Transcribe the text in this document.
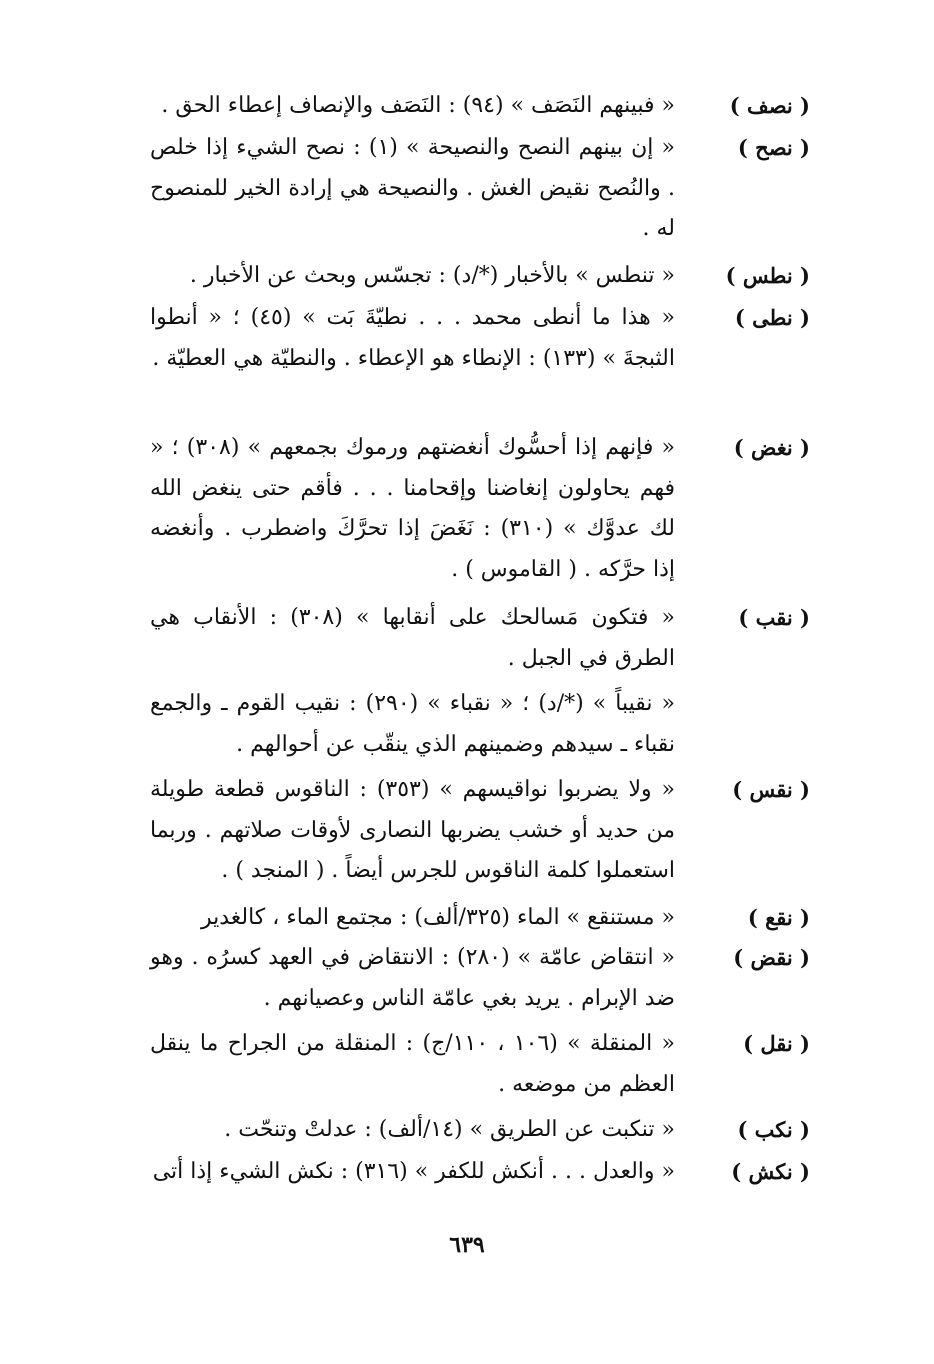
( نصف )
« فبينهم النَصَف » (٩٤) : النَصَف والإنصاف إعطاء الحق .
( نصح )
« إن بينهم النصح والنصيحة » (١) : نصح الشيء إذا خلص . والنُصح نقيض الغش . والنصيحة هي إرادة الخير للمنصوح له .
( نطس )
« تنطس » بالأخبار (*/د) : تجسّس وبحث عن الأخبار .
( نطى )
« هذا ما أنطى محمد . . . نطيّةَ بَت » (٤٥) ؛ « أنطوا الثبجةَ » (١٣٣) : الإنطاء هو الإعطاء . والنطيّة هي العطيّة .
( نغض )
« فإنهم إذا أحسُّوك أنغضتهم ورموك بجمعهم » (٣٠٨) ؛ « فهم يحاولون إنغاضنا وإقحامنا . . . فأقم حتى ينغض الله لك عدوَّك » (٣١٠) : نَغَضَ إذا تحرَّكَ واضطرب . وأنغضه إذا حرَّكه . ( القاموس ) .
( نقب )
« فتكون مَسالحك على أنقابها » (٣٠٨) : الأنقاب هي الطرق في الجبل .
« نقيباً » (*/د) ؛ « نقباء » (٢٩٠) : نقيب القوم ـ والجمع نقباء ـ سيدهم وضمينهم الذي ينقّب عن أحوالهم .
( نقس )
« ولا يضربوا نواقيسهم » (٣٥٣) : الناقوس قطعة طويلة من حديد أو خشب يضربها النصارى لأوقات صلاتهم . وربما استعملوا كلمة الناقوس للجرس أيضاً . ( المنجد ) .
( نقع )
« مستنقع » الماء (٣٢٥/ألف) : مجتمع الماء ، كالغدير
( نقض )
« انتقاض عامّة » (٢٨٠) : الانتقاض في العهد كسرُه . وهو ضد الإبرام . يريد بغي عامّة الناس وعصيانهم .
( نقل )
« المنقلة » (١٠٦ ، ١١٠/ج) : المنقلة من الجراح ما ينقل العظم من موضعه .
( نكب )
« تنكبت عن الطريق » (١٤/ألف) : عدلتْ وتنحّت .
( نكش )
« والعدل . . . أنكش للكفر » (٣١٦) : نكش الشيء إذا أتى
٦٣٩
